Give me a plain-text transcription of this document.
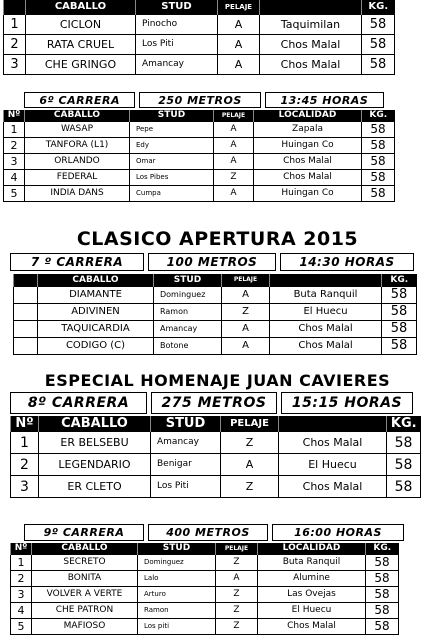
	CABALLO	STUD	PELAJE		KG.
1	CICLON	Pinocho	A	Taquimilan	58
2	RATA CRUEL	Los Piti	A	Chos Malal	58
3	CHE GRINGO	Amancay	A	Chos Malal	58
6º CARRERA	250 METROS	13:45 HORAS
Nº	CABALLO	STUD	PELAJE	LOCALIDAD	KG.
1	WASAP	Pepe	A	Zapala	58
2	TANFORA (L1)	Edy	A	Huingan Co	58
3	ORLANDO	Omar	A	Chos Malal	58
4	FEDERAL	Los Pibes	Z	Chos Malal	58
5	INDIA DANS	Cumpa	A	Huingan Co	58
CLASICO APERTURA 2015
7 º CARRERA	100 METROS	14:30 HORAS
	CABALLO	STUD	PELAJE		KG.
	DIAMANTE	Dominguez	A	Buta Ranquil	58
	ADIVINEN	Ramon	Z	El Huecu	58
	TAQUICARDIA	Amancay	A	Chos Malal	58
	CODIGO (C)	Botone	A	Chos Malal	58
ESPECIAL HOMENAJE JUAN CAVIERES
8º CARRERA	275 METROS	15:15 HORAS
Nº	CABALLO	STUD	PELAJE		KG.
1	ER BELSEBU	Amancay	Z	Chos Malal	58
2	LEGENDARIO	Benigar	A	El Huecu	58
3	ER CLETO	Los Piti	Z	Chos Malal	58
9º CARRERA	400 METROS	16:00 HORAS
Nº	CABALLO	STUD	PELAJE	LOCALIDAD	KG.
1	SECRETO	Dominguez	Z	Buta Ranquil	58
2	BONITA	Lalo	A	Alumine	58
3	VOLVER A VERTE	Arturo	Z	Las Ovejas	58
4	CHE PATRON	Ramon	Z	El Huecu	58
5	MAFIOSO	Los piti	Z	Chos Malal	58
